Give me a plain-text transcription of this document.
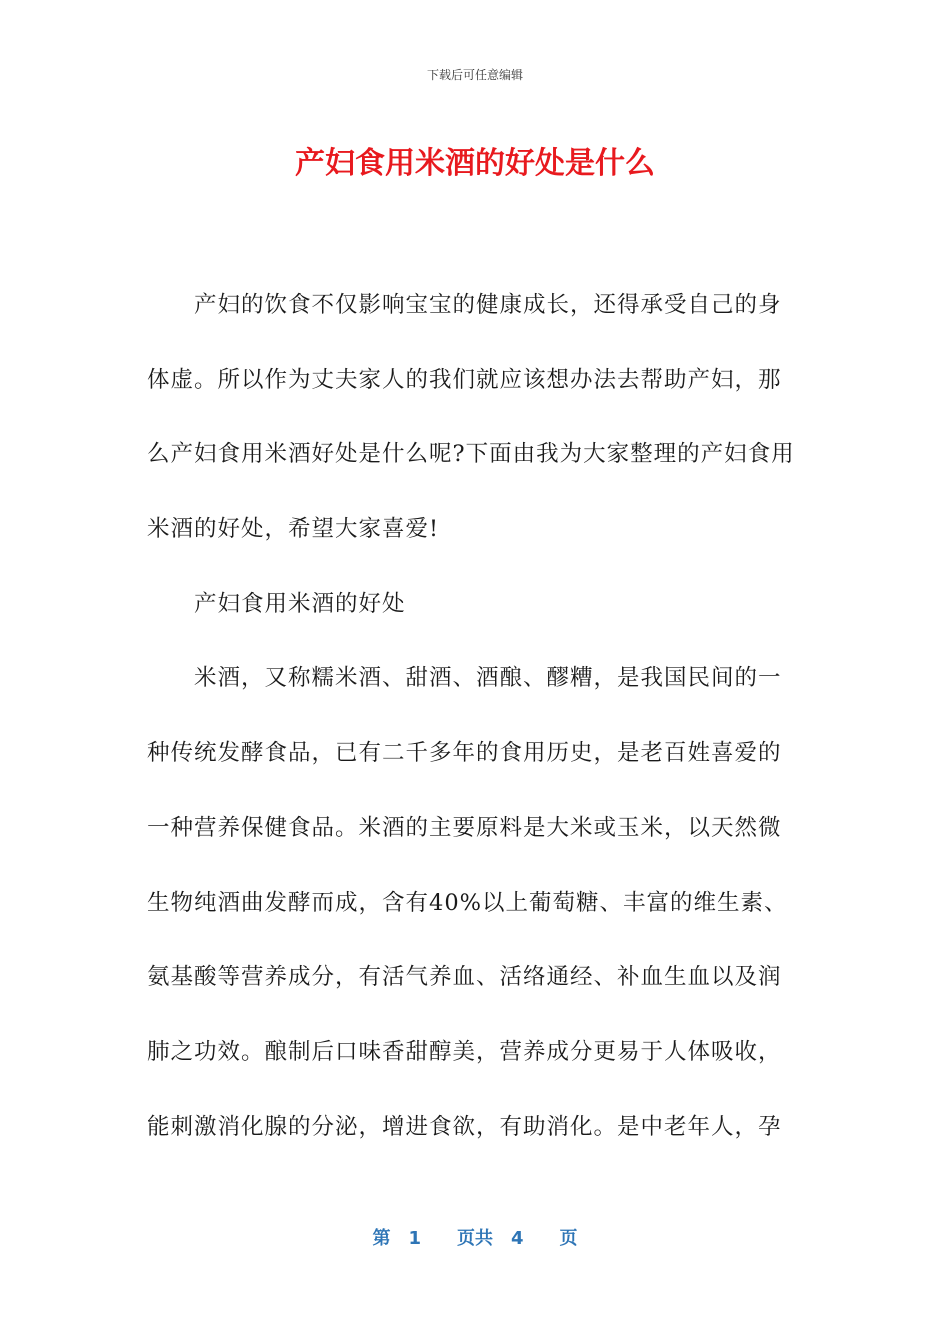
下载后可任意编辑
产妇食用米酒的好处是什么
产妇的饮食不仅影响宝宝的健康成长，还得承受自己的身
体虚。所以作为丈夫家人的我们就应该想办法去帮助产妇，那
么产妇食用米酒好处是什么呢?下面由我为大家整理的产妇食用
米酒的好处，希望大家喜爱!
产妇食用米酒的好处
米酒，又称糯米酒、甜酒、酒酿、醪糟，是我国民间的一
种传统发酵食品，已有二千多年的食用历史，是老百姓喜爱的
一种营养保健食品。米酒的主要原料是大米或玉米，以天然微
生物纯酒曲发酵而成，含有40%以上葡萄糖、丰富的维生素、
氨基酸等营养成分，有活气养血、活络通经、补血生血以及润
肺之功效。酿制后口味香甜醇美，营养成分更易于人体吸收，
能刺激消化腺的分泌，增进食欲，有助消化。是中老年人，孕
第 1 页共 4 页
